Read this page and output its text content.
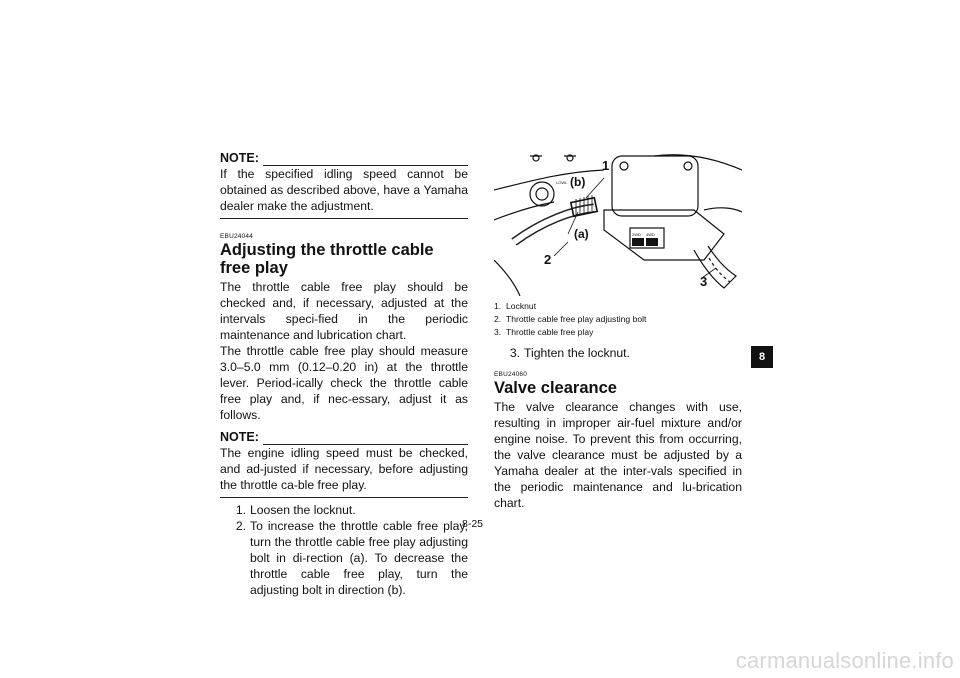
NOTE:

If the specified idling speed cannot be obtained as described above, have a Yamaha dealer make the adjustment.

EBU24044
Adjusting the throttle cable free play

The throttle cable free play should be checked and, if necessary, adjusted at the intervals speci-fied in the periodic maintenance and lubrication chart.

The throttle cable free play should measure 3.0–5.0 mm (0.12–0.20 in) at the throttle lever. Period-ically check the throttle cable free play and, if nec-essary, adjust it as follows.

NOTE:

The engine idling speed must be checked, and ad-justed if necessary, before adjusting the throttle ca-ble free play.

1. Loosen the locknut.
2. To increase the throttle cable free play, turn the throttle cable free play adjusting bolt in di-rection (a). To decrease the throttle cable free play, turn the adjusting bolt in direction (b).
1
(b)
(a)
2
3
LOWL
2WD 4WD
1. Locknut
2. Throttle cable free play adjusting bolt
3. Throttle cable free play
3. Tighten the locknut.
EBU24060
Valve clearance

The valve clearance changes with use, resulting in improper air-fuel mixture and/or engine noise. To prevent this from occurring, the valve clearance must be adjusted by a Yamaha dealer at the inter-vals specified in the periodic maintenance and lu-brication chart.

8
8-25
carmanualsonline.info
